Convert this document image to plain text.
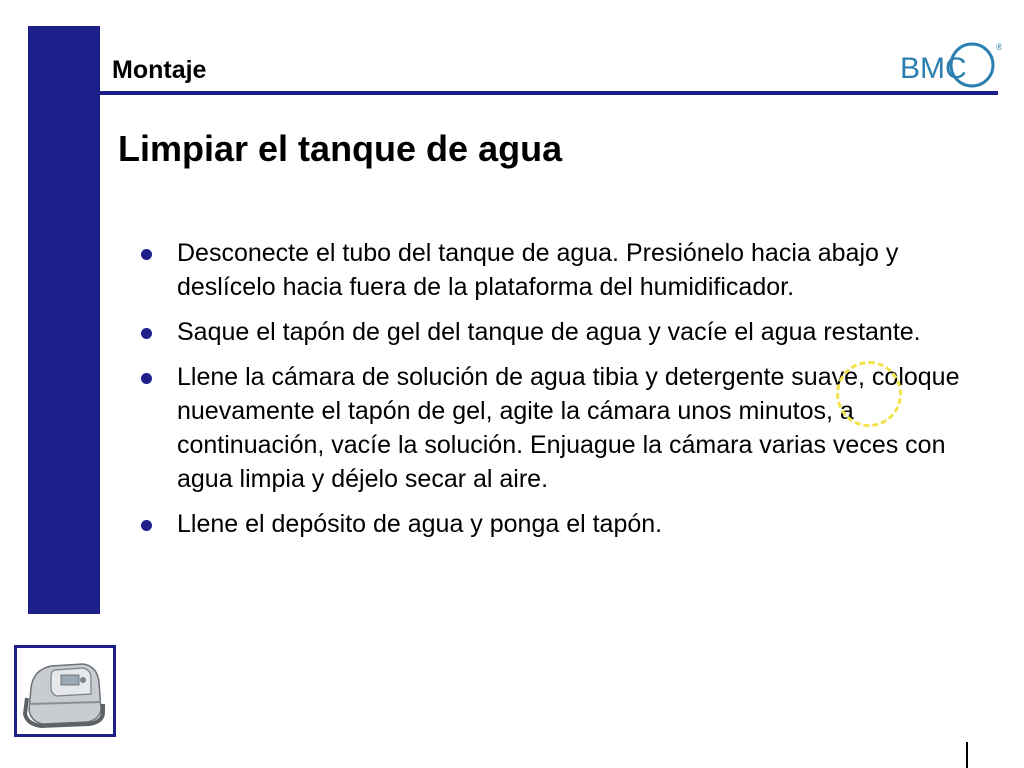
Montaje	BMC
®
Limpiar el tanque de agua
Desconecte el tubo del tanque de agua. Presiónelo hacia abajo y deslícelo hacia fuera de la plataforma del humidificador.
Saque el tapón de gel del tanque de agua y vacíe el agua restante.
Llene la cámara de solución de agua tibia y detergente suave, coloque nuevamente el tapón de gel, agite la cámara unos minutos, a continuación, vacíe la solución. Enjuague la cámara varias veces con agua limpia y déjelo secar al aire.
Llene el depósito de agua y ponga el tapón.
